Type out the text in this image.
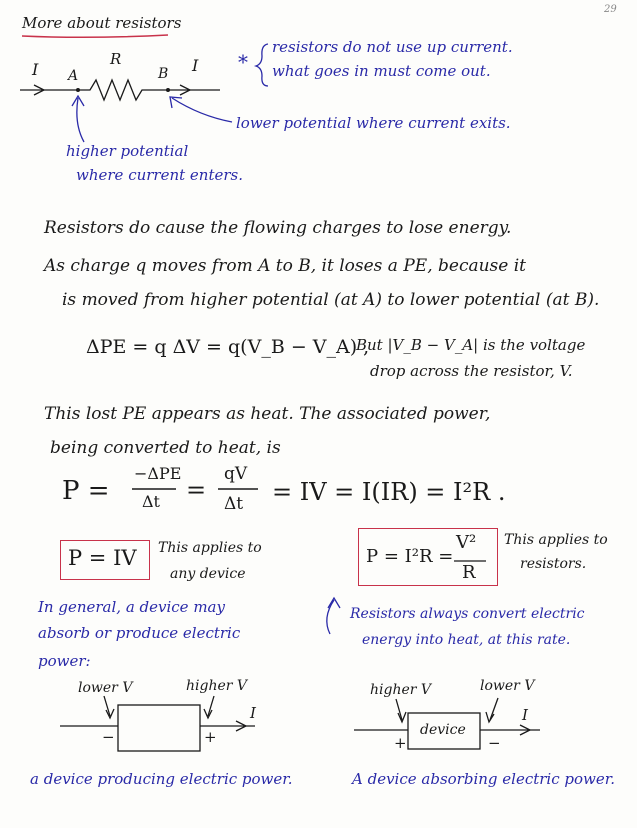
29
More about resistors
I A
R
B I *
resistors do not use up current.
what goes in must come out.
lower potential where current exits.
higher potential
where current enters.
Resistors do cause the flowing charges to lose energy.
As charge q moves from A to B, it loses a PE, because it
is moved from higher potential (at A) to lower potential (at B).
ΔPE = q ΔV = q(V_B − V_A) ,
But |V_B − V_A| is the voltage
drop across the resistor, V.
This lost PE appears as heat. The associated power,
being converted to heat, is
P =
−ΔPE
Δt =
qV
Δt = IV = I(IR) = I²R .
P = IV This applies to
any device
P = I²R =
V²
R
This applies to
resistors.
In general, a device may
absorb or produce electric
power:
Resistors always convert electric
energy into heat, at this rate.
lower V	higher V
I
−	+
a device producing electric power.
higher V	lower V
device
I
+	−
A device absorbing electric power.
